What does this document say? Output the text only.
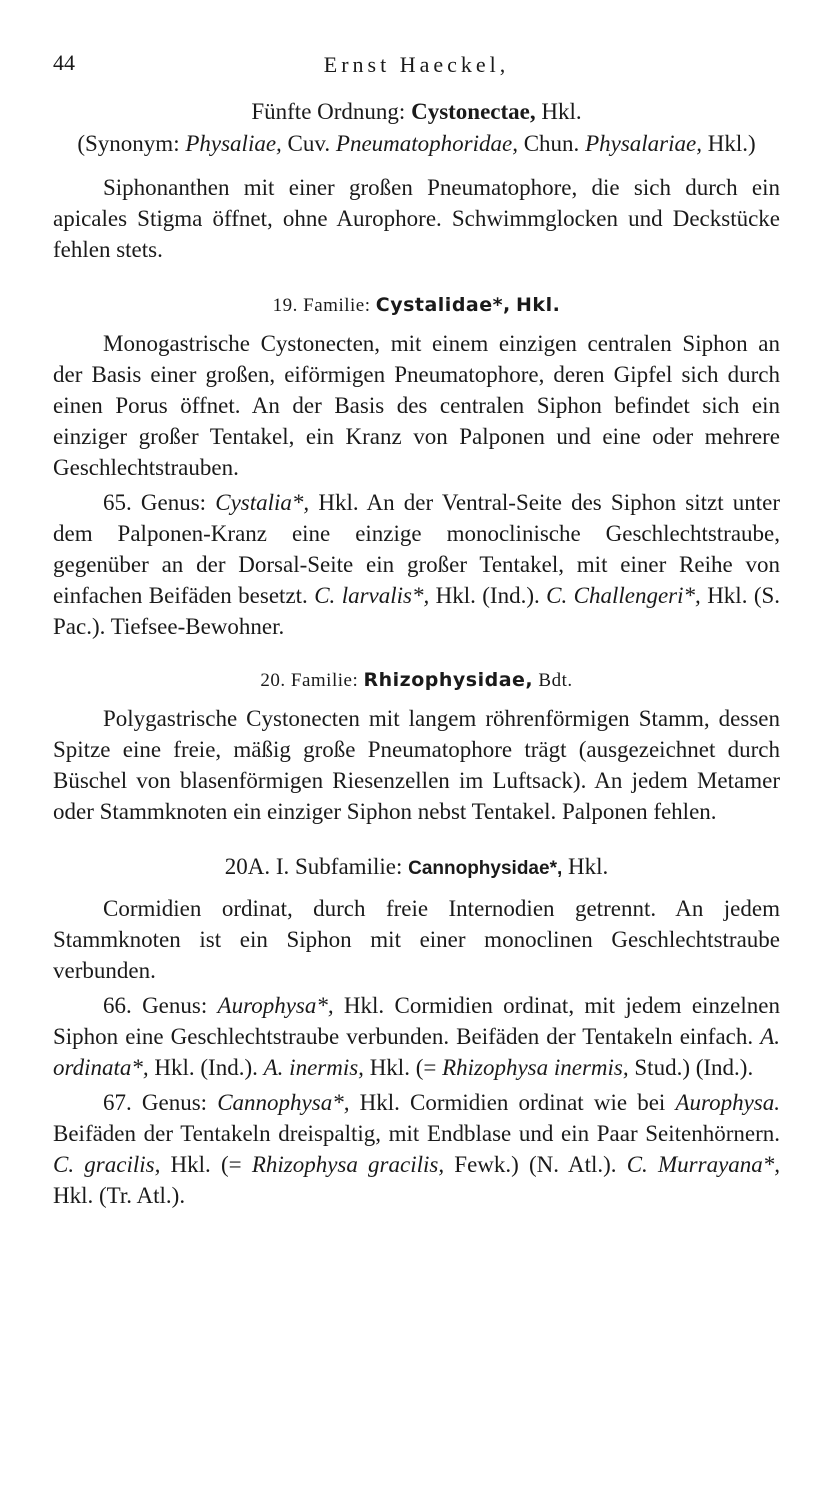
44	Ernst Haeckel,
Fünfte Ordnung: Cystonectae, Hkl.
(Synonym: Physaliae, Cuv. Pneumatophoridae, Chun. Physalariae, Hkl.)

Siphonanthen mit einer großen Pneumatophore, die sich durch ein apicales Stigma öffnet, ohne Aurophore. Schwimmglocken und Deckstücke fehlen stets.

19. Familie: Cystalidae*, Hkl.

Monogastrische Cystonecten, mit einem einzigen centralen Siphon an der Basis einer großen, eiförmigen Pneumatophore, deren Gipfel sich durch einen Porus öffnet. An der Basis des centralen Siphon befindet sich ein einziger großer Tentakel, ein Kranz von Palponen und eine oder mehrere Geschlechtstrauben.

65. Genus: Cystalia*, Hkl. An der Ventral-Seite des Siphon sitzt unter dem Palponen-Kranz eine einzige monoclinische Geschlechtstraube, gegenüber an der Dorsal-Seite ein großer Tentakel, mit einer Reihe von einfachen Beifäden besetzt. C. larvalis*, Hkl. (Ind.). C. Challengeri*, Hkl. (S. Pac.). Tiefsee-Bewohner.

20. Familie: Rhizophysidae, Bdt.

Polygastrische Cystonecten mit langem röhrenförmigen Stamm, dessen Spitze eine freie, mäßig große Pneumatophore trägt (ausgezeichnet durch Büschel von blasenförmigen Riesenzellen im Luftsack). An jedem Metamer oder Stammknoten ein einziger Siphon nebst Tentakel. Palponen fehlen.

20A. I. Subfamilie: Cannophysidae*, Hkl.

Cormidien ordinat, durch freie Internodien getrennt. An jedem Stammknoten ist ein Siphon mit einer monoclinen Geschlechtstraube verbunden.

66. Genus: Aurophysa*, Hkl. Cormidien ordinat, mit jedem einzelnen Siphon eine Geschlechtstraube verbunden. Beifäden der Tentakeln einfach. A. ordinata*, Hkl. (Ind.). A. inermis, Hkl. (= Rhizophysa inermis, Stud.) (Ind.).

67. Genus: Cannophysa*, Hkl. Cormidien ordinat wie bei Aurophysa. Beifäden der Tentakeln dreispaltig, mit Endblase und ein Paar Seitenhörnern. C. gracilis, Hkl. (= Rhizophysa gracilis, Fewk.) (N. Atl.). C. Murrayana*, Hkl. (Tr. Atl.).
